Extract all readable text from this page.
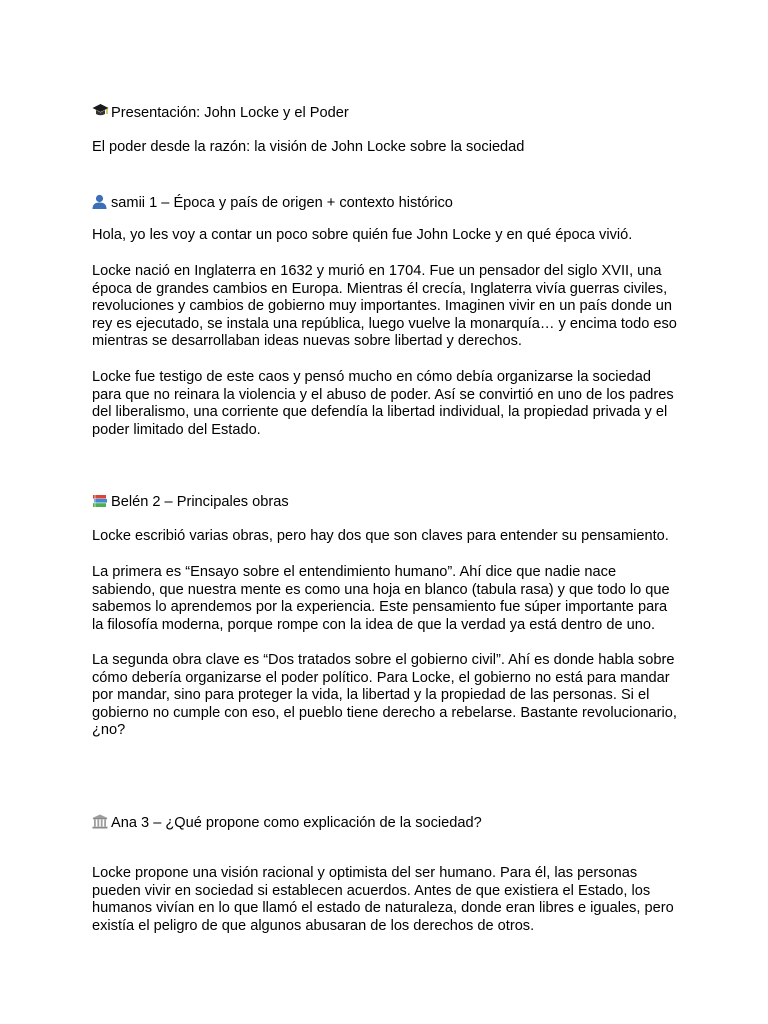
Presentación: John Locke y el Poder

El poder desde la razón: la visión de John Locke sobre la sociedad

samii 1 – Época y país de origen + contexto histórico

Hola, yo les voy a contar un poco sobre quién fue John Locke y en qué época vivió.

Locke nació en Inglaterra en 1632 y murió en 1704. Fue un pensador del siglo XVII, una época de grandes cambios en Europa. Mientras él crecía, Inglaterra vivía guerras civiles, revoluciones y cambios de gobierno muy importantes. Imaginen vivir en un país donde un rey es ejecutado, se instala una república, luego vuelve la monarquía… y encima todo eso mientras se desarrollaban ideas nuevas sobre libertad y derechos.

Locke fue testigo de este caos y pensó mucho en cómo debía organizarse la sociedad para que no reinara la violencia y el abuso de poder. Así se convirtió en uno de los padres del liberalismo, una corriente que defendía la libertad individual, la propiedad privada y el poder limitado del Estado.

Belén 2 – Principales obras

Locke escribió varias obras, pero hay dos que son claves para entender su pensamiento.

La primera es “Ensayo sobre el entendimiento humano”. Ahí dice que nadie nace sabiendo, que nuestra mente es como una hoja en blanco (tabula rasa) y que todo lo que sabemos lo aprendemos por la experiencia. Este pensamiento fue súper importante para la filosofía moderna, porque rompe con la idea de que la verdad ya está dentro de uno.

La segunda obra clave es “Dos tratados sobre el gobierno civil”. Ahí es donde habla sobre cómo debería organizarse el poder político. Para Locke, el gobierno no está para mandar por mandar, sino para proteger la vida, la libertad y la propiedad de las personas. Si el gobierno no cumple con eso, el pueblo tiene derecho a rebelarse. Bastante revolucionario, ¿no?

Ana 3 – ¿Qué propone como explicación de la sociedad?

Locke propone una visión racional y optimista del ser humano. Para él, las personas pueden vivir en sociedad si establecen acuerdos. Antes de que existiera el Estado, los humanos vivían en lo que llamó el estado de naturaleza, donde eran libres e iguales, pero existía el peligro de que algunos abusaran de los derechos de otros.
